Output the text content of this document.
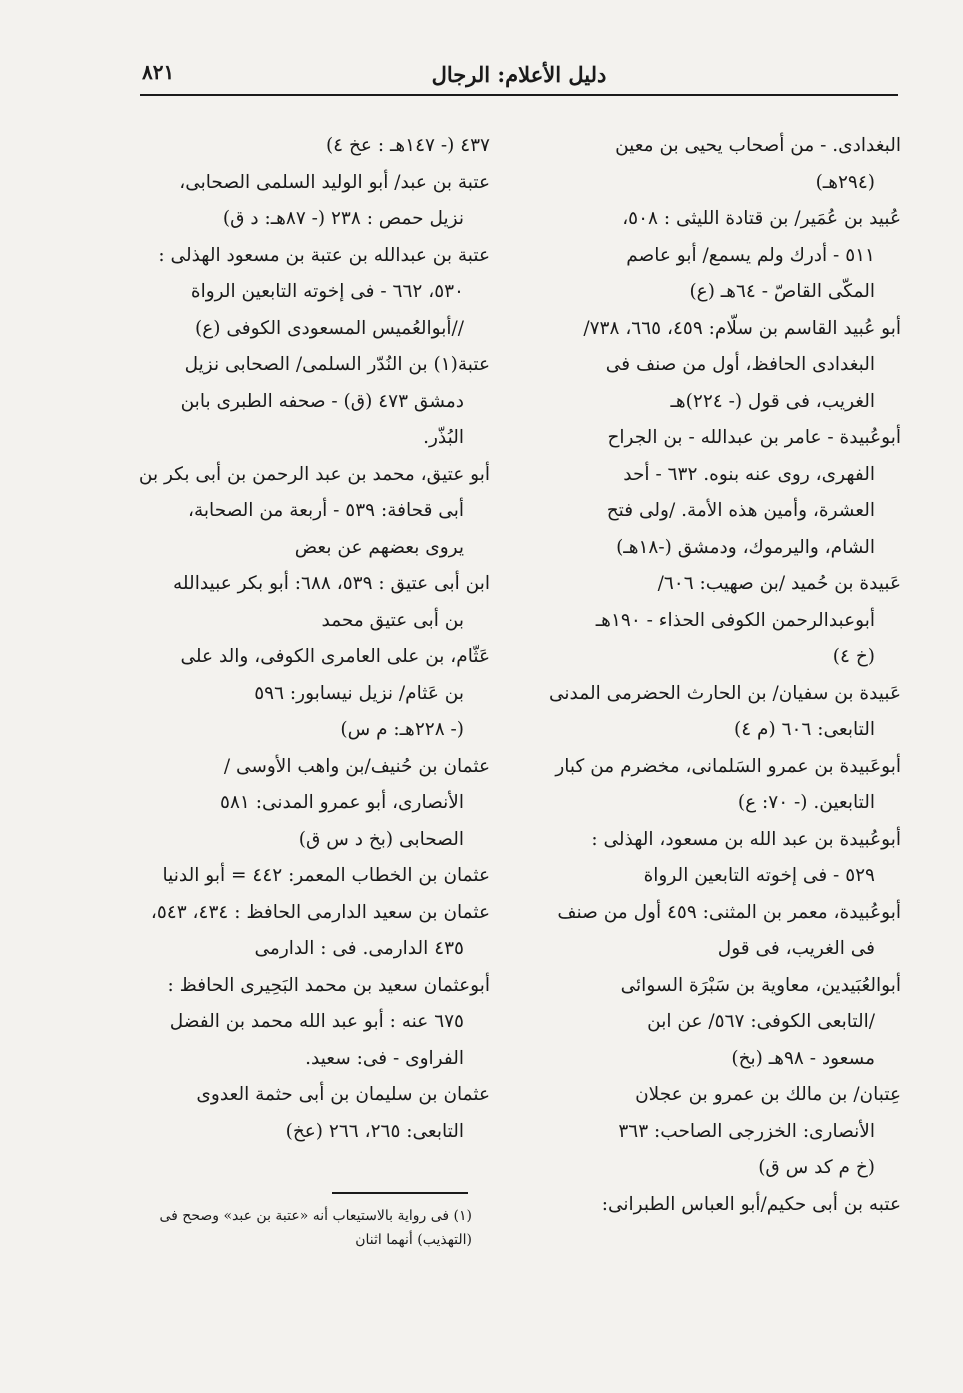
دليل الأعلام: الرجال
٨٢١
البغدادى. - من أصحاب يحيى بن معين
(٢٩٤هـ)
عُبيد بن عُمَير/ بن قتادة الليثى : ٥٠٨،
٥١١ - أدرك ولم يسمع/ أبو عاصم
المكّى القاصّ - ٦٤هـ (ع)
أبو عُبيد القاسم بن سلّام: ٤٥٩، ٦٦٥، ٧٣٨/
البغدادى الحافظ، أول من صنف فى
الغريب، فى قول (- ٢٢٤)هـ
أبوعُبيدة - عامر بن عبدالله - بن الجراح
الفهرى، روى عنه بنوه. ٦٣٢ - أحد
العشرة، وأمين هذه الأمة. /ولى فتح
الشام، واليرموك، ودمشق (-١٨هـ)
عَبيدة بن حُميد /بن صهيب: ٦٠٦/
أبوعبدالرحمن الكوفى الحذاء - ١٩٠هـ
(خ ٤)
عَبيدة بن سفيان/ بن الحارث الحضرمى المدنى
التابعى: ٦٠٦ (م ٤)
أبوعَبيدة بن عمرو السَلمانى، مخضرم من كبار
التابعين. (- ٧٠: ع)
أبوعُبيدة بن عبد الله بن مسعود، الهذلى :
٥٢٩ - فى إخوته التابعين الرواة
أبوعُبيدة، معمر بن المثنى: ٤٥٩ أول من صنف
فى الغريب، فى قول
أبوالعُبَيدين، معاوية بن سَبْرَة السوائى
/التابعى الكوفى: ٥٦٧/ عن ابن
مسعود - ٩٨هـ (بخ)
عِتبان/ بن مالك بن عمرو بن عجلان
الأنصارى: الخزرجى الصاحب: ٣٦٣
(خ م كد س ق)
عتبه بن أبى حكيم/أبو العباس الطبرانى:
٤٣٧ (- ١٤٧هـ : عخ ٤)
عتبة بن عبد/ أبو الوليد السلمى الصحابى،
نزيل حمص : ٢٣٨ (- ٨٧هـ: د ق)
عتبة بن عبدالله بن عتبة بن مسعود الهذلى :
٥٣٠، ٦٦٢ - فى إخوته التابعين الرواة
//أبوالعُميس المسعودى الكوفى (ع)
عتبة(١) بن النُدّر السلمى/ الصحابى نزيل
دمشق ٤٧٣ (ق) - صحفه الطبرى بابن
البُذّر.
أبو عتيق، محمد بن عبد الرحمن بن أبى بكر بن
أبى قحافة: ٥٣٩ - أربعة من الصحابة،
يروى بعضهم عن بعض
ابن أبى عتيق : ٥٣٩، ٦٨٨: أبو بكر عبيدالله
بن أبى عتيق محمد
عَثّام، بن على العامرى الكوفى، والد على
بن عَثام/ نزيل نيسابور: ٥٩٦
(- ٢٢٨هـ: م س)
عثمان بن حُنيف/بن واهب الأوسى /
الأنصارى، أبو عمرو المدنى: ٥٨١
الصحابى (بخ د س ق)
عثمان بن الخطاب المعمر: ٤٤٢ = أبو الدنيا
عثمان بن سعيد الدارمى الحافظ : ٤٣٤، ٥٤٣،
٤٣٥ الدارمى. فى : الدارمى
أبوعثمان سعيد بن محمد البَحِيرى الحافظ :
٦٧٥ عنه : أبو عبد الله محمد بن الفضل
الفراوى - فى: سعيد.
عثمان بن سليمان بن أبى حثمة العدوى
التابعى: ٢٦٥، ٢٦٦ (عخ)
(١) فى رواية بالاستيعاب أنه «عتبة بن عبد» وصحح فى
(التهذيب) أنهما اثنان
